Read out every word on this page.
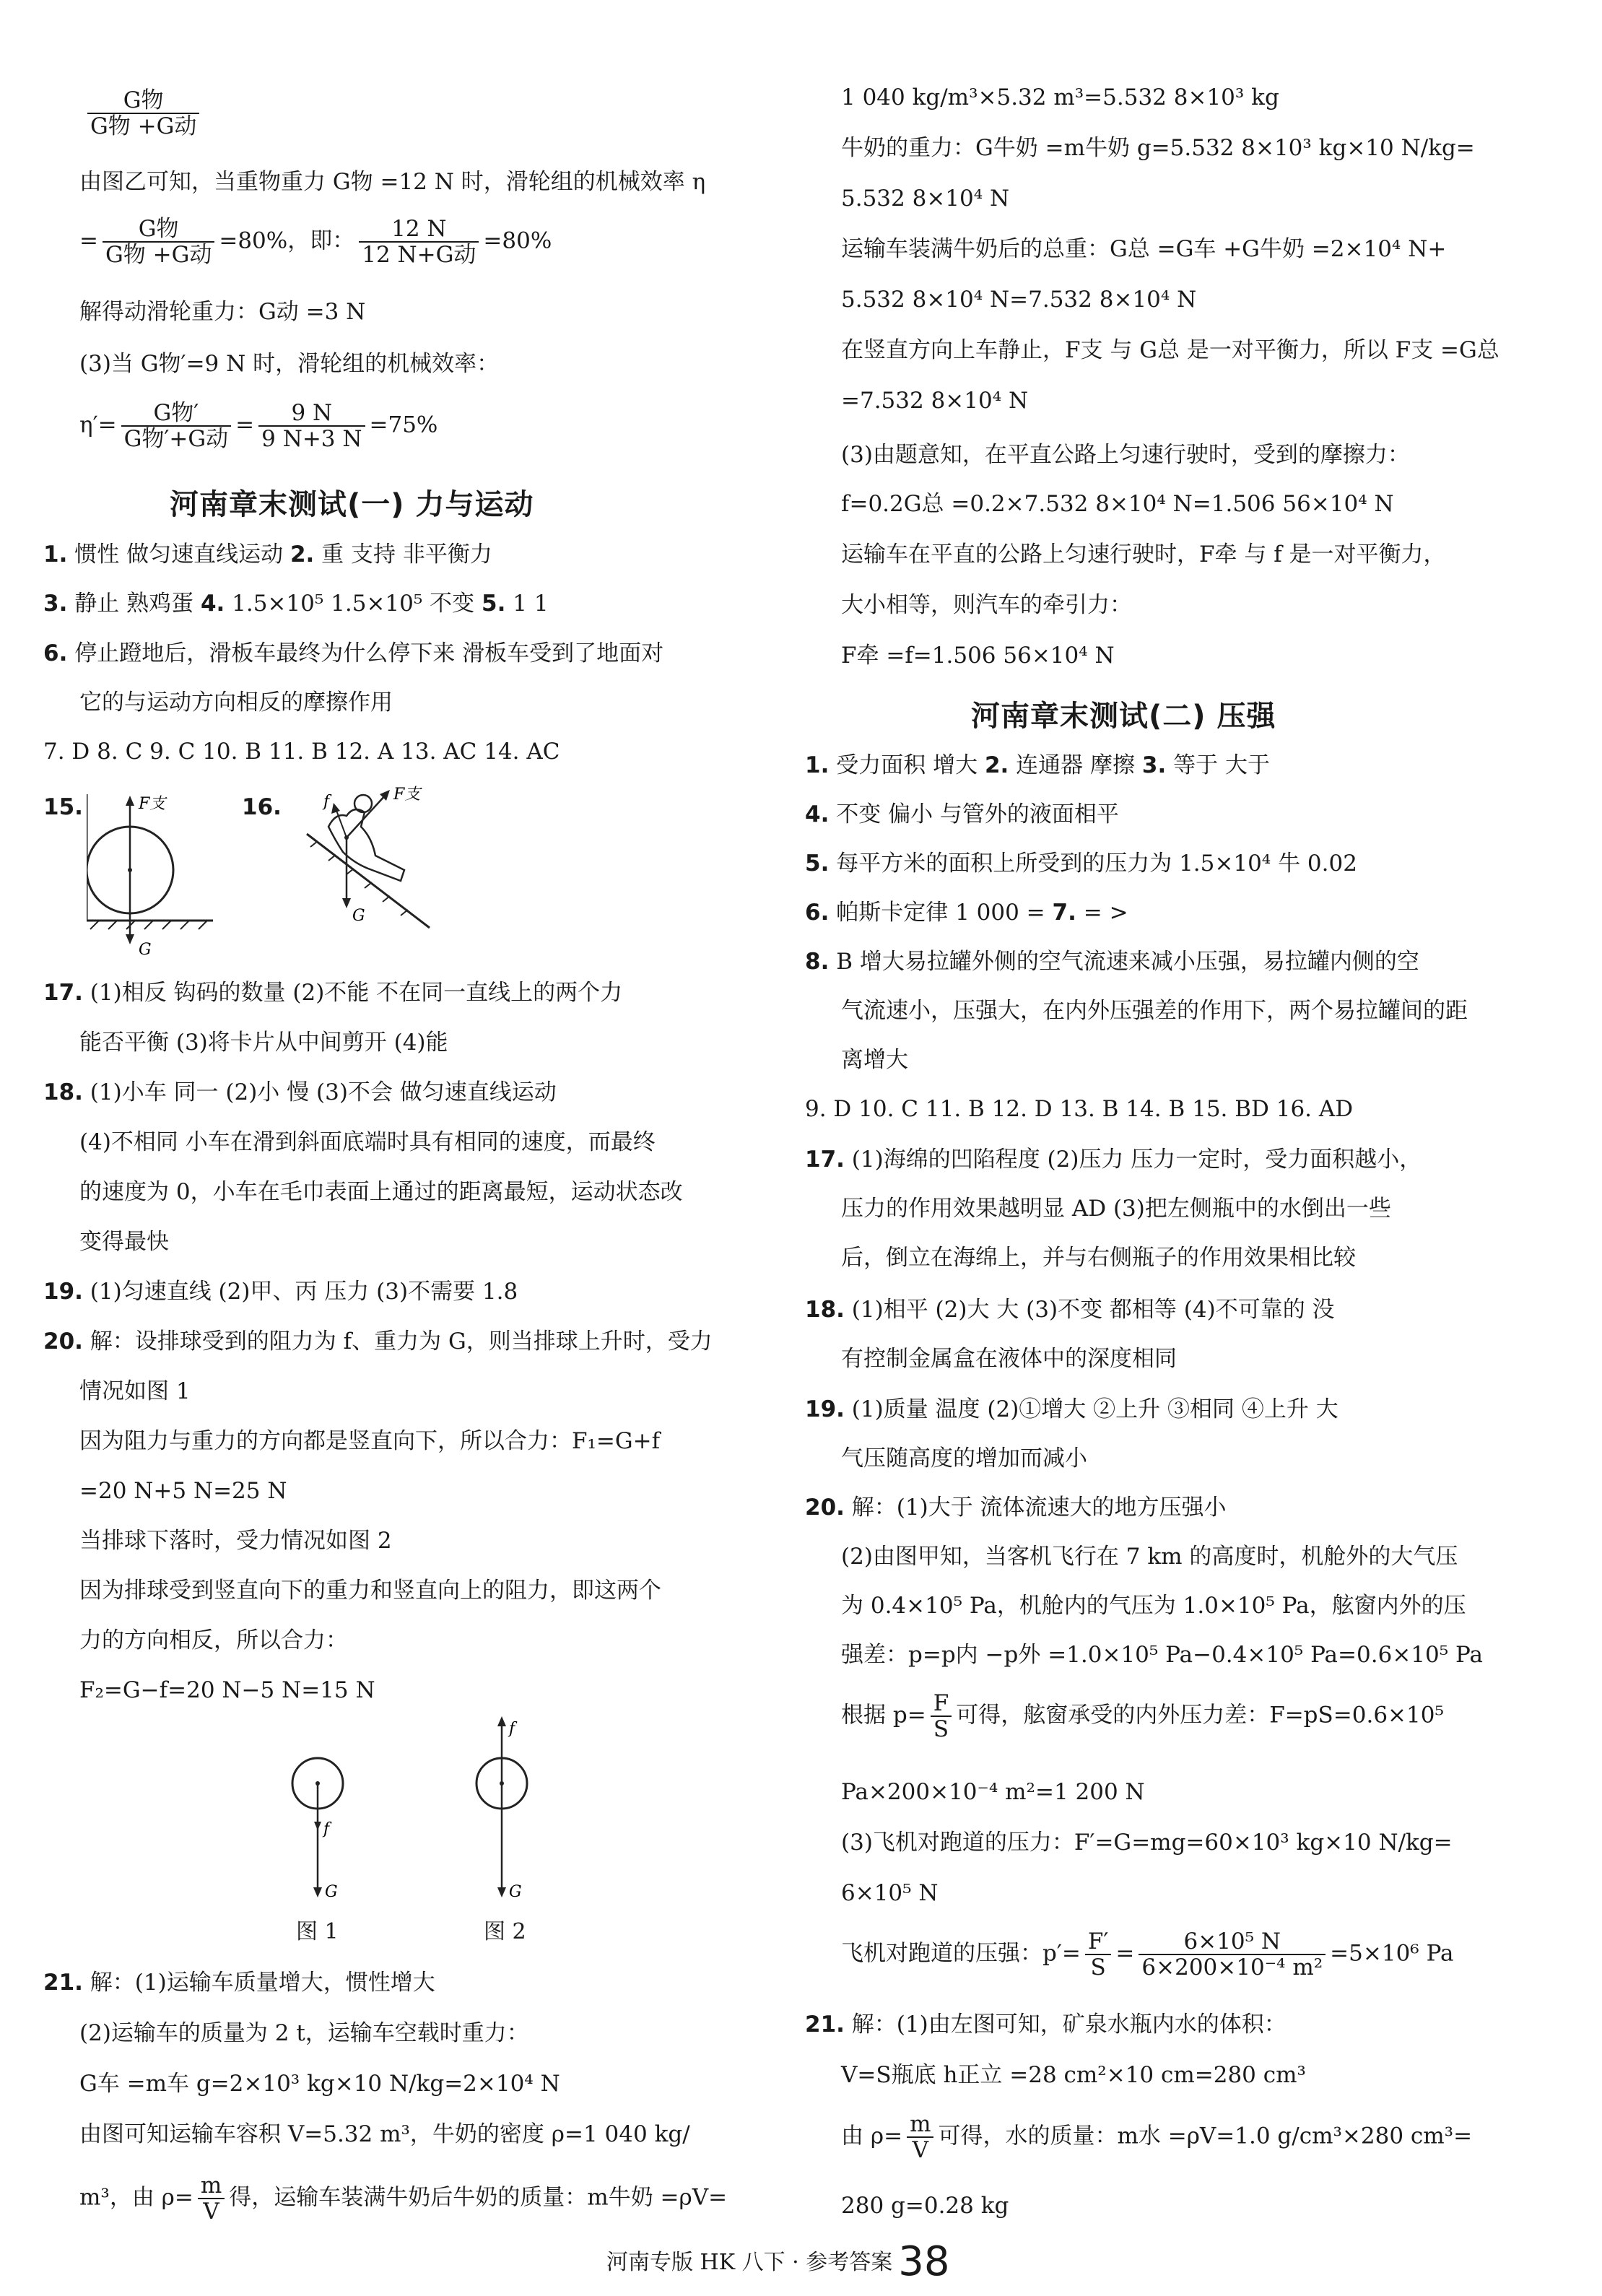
$\frac{\text{G物}}{\text{G物 +G动}}$
由图乙可知，当重物重力 G物 =12 N 时，滑轮组的机械效率 η
= $\frac{\text{G物}}{\text{G物 +G动}} =80\%$，即： $\frac{12 N}{\text{12 N+G动}} =80\%$
解得动滑轮重力：G动 =3 N
(3)当 G物′=9 N 时，滑轮组的机械效率：
$\eta'= \frac{\text{G物′}}{\text{G物′+G动}} = \frac{9 N}{9 N+3 N} =75\%$
河南章末测试(一) 力与运动
1. 惯性 做匀速直线运动 2. 重 支持 非平衡力
3. 静止 熟鸡蛋 4. 1.5×10⁵ 1.5×10⁵ 不变 5. 1 1
6. 停止蹬地后，滑板车最终为什么停下来 滑板车受到了地面对
它的与运动方向相反的摩擦作用
7. D 8. C 9. C 10. B 11. B 12. A 13. AC 14. AC
15.	F支
G
16.	F支
f
G
17. (1)相反 钩码的数量 (2)不能 不在同一直线上的两个力
能否平衡 (3)将卡片从中间剪开 (4)能
18. (1)小车 同一 (2)小 慢 (3)不会 做匀速直线运动
(4)不相同 小车在滑到斜面底端时具有相同的速度，而最终
的速度为 0，小车在毛巾表面上通过的距离最短，运动状态改
变得最快
19. (1)匀速直线 (2)甲、丙 压力 (3)不需要 1.8
20. 解：设排球受到的阻力为 f、重力为 G，则当排球上升时，受力
情况如图 1
因为阻力与重力的方向都是竖直向下，所以合力：F₁=G+f
=20 N+5 N=25 N
当排球下落时，受力情况如图 2
因为排球受到竖直向下的重力和竖直向上的阻力，即这两个
力的方向相反，所以合力：
F₂=G−f=20 N−5 N=15 N
f
G
f
G
图 1	图 2
21. 解：(1)运输车质量增大，惯性增大
(2)运输车的质量为 2 t，运输车空载时重力：
G车 =m车 g=2×10³ kg×10 N/kg=2×10⁴ N
由图可知运输车容积 V=5.32 m³，牛奶的密度 ρ=1 040 kg/
m³，由 $\rho= \frac{m}{V}$ 得，运输车装满牛奶后牛奶的质量：m牛奶 =ρV=
1 040 kg/m³×5.32 m³=5.532 8×10³ kg
牛奶的重力：G牛奶 =m牛奶 g=5.532 8×10³ kg×10 N/kg=
5.532 8×10⁴ N
运输车装满牛奶后的总重：G总 =G车 +G牛奶 =2×10⁴ N+
5.532 8×10⁴ N=7.532 8×10⁴ N
在竖直方向上车静止，F支 与 G总 是一对平衡力，所以 F支 =G总
=7.532 8×10⁴ N
(3)由题意知，在平直公路上匀速行驶时，受到的摩擦力：
f=0.2G总 =0.2×7.532 8×10⁴ N=1.506 56×10⁴ N
运输车在平直的公路上匀速行驶时，F牵 与 f 是一对平衡力，
大小相等，则汽车的牵引力：
F牵 =f=1.506 56×10⁴ N
河南章末测试(二) 压强
1. 受力面积 增大 2. 连通器 摩擦 3. 等于 大于
4. 不变 偏小 与管外的液面相平
5. 每平方米的面积上所受到的压力为 1.5×10⁴ 牛 0.02
6. 帕斯卡定律 1 000 = 7. = >
8. B 增大易拉罐外侧的空气流速来减小压强，易拉罐内侧的空
气流速小，压强大，在内外压强差的作用下，两个易拉罐间的距
离增大
9. D 10. C 11. B 12. D 13. B 14. B 15. BD 16. AD
17. (1)海绵的凹陷程度 (2)压力 压力一定时，受力面积越小，
压力的作用效果越明显 AD (3)把左侧瓶中的水倒出一些
后，倒立在海绵上，并与右侧瓶子的作用效果相比较
18. (1)相平 (2)大 大 (3)不变 都相等 (4)不可靠的 没
有控制金属盒在液体中的深度相同
19. (1)质量 温度 (2)①增大 ②上升 ③相同 ④上升 大
气压随高度的增加而减小
20. 解：(1)大于 流体流速大的地方压强小
(2)由图甲知，当客机飞行在 7 km 的高度时，机舱外的大气压
为 0.4×10⁵ Pa，机舱内的气压为 1.0×10⁵ Pa，舷窗内外的压
强差：p=p内 −p外 =1.0×10⁵ Pa−0.4×10⁵ Pa=0.6×10⁵ Pa
根据 $p= \frac{F}{S}$ 可得，舷窗承受的内外压力差：F=pS=0.6×10⁵
Pa×200×10⁻⁴ m²=1 200 N
(3)飞机对跑道的压力：F′=G=mg=60×10³ kg×10 N/kg=
6×10⁵ N
飞机对跑道的压强：$p'= \frac{F'}{S} = \frac{\text{6×10⁵ N}}{\text{6×200×10⁻⁴ m²}} =5\times 10^6$ Pa
21. 解：(1)由左图可知，矿泉水瓶内水的体积：
V=S瓶底 h正立 =28 cm²×10 cm=280 cm³
由 $\rho= \frac{m}{V}$ 可得，水的质量：m水 =ρV=1.0 g/cm³×280 cm³=
280 g=0.28 kg
河南专版 HK 八下 · 参考答案 38
